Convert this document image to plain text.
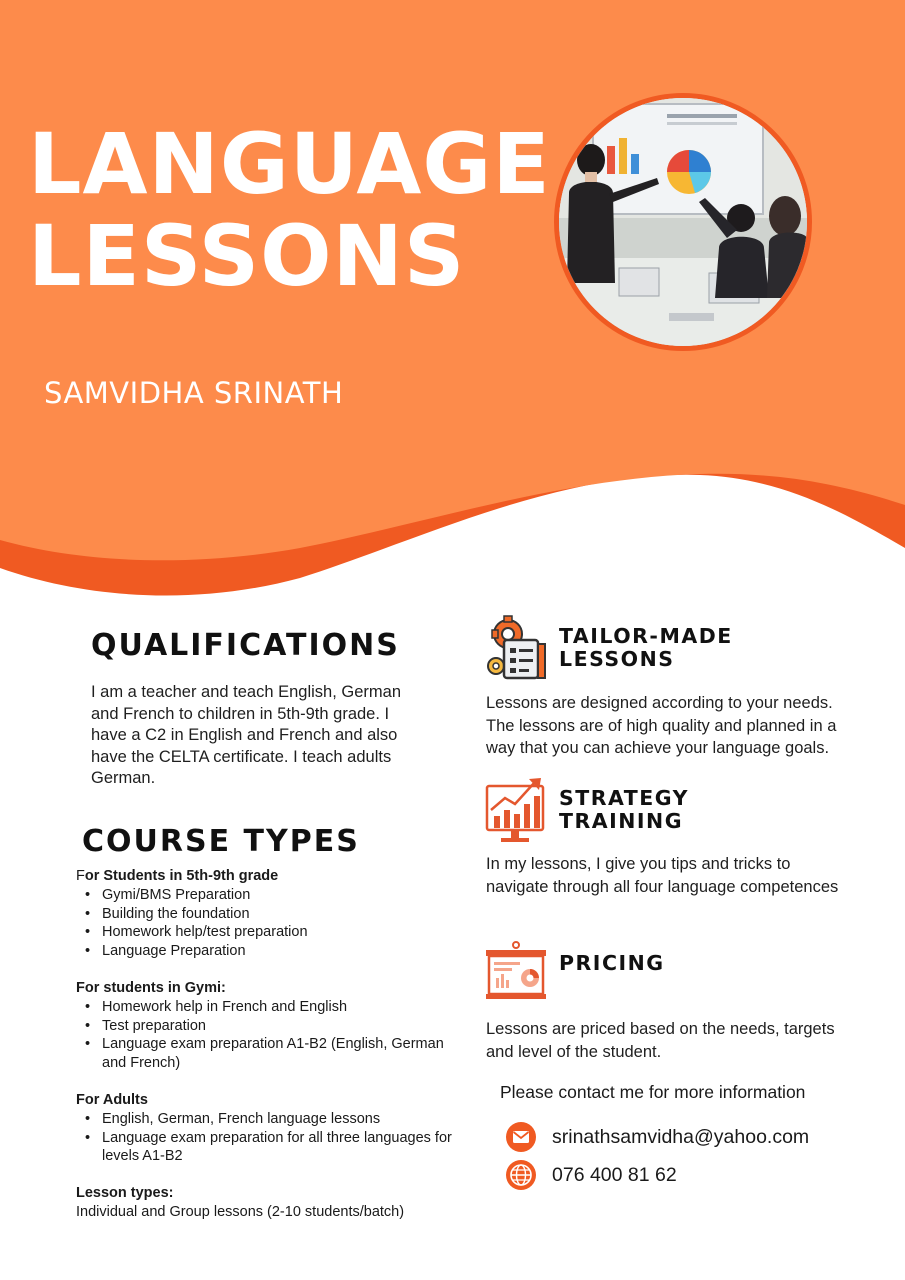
LANGUAGE
LESSONS
SAMVIDHA SRINATH
QUALIFICATIONS
I am a teacher and teach English, German and French to children in 5th-9th grade. I have a C2 in English and French and also have the CELTA certificate. I teach adults German.
COURSE TYPES
For Students in 5th-9th grade
• Gymi/BMS Preparation
• Building the foundation
• Homework help/test preparation
• Language Preparation
For students in Gymi:
• Homework help in French and English
• Test preparation
• Language exam preparation A1-B2 (English, German and French)
For Adults
• English, German, French language lessons
• Language exam preparation for all three languages for levels A1-B2
Lesson types:
Individual and Group lessons (2-10 students/batch)
TAILOR-MADE
LESSONS
Lessons are designed according to your needs. The lessons are of high quality and planned in a way that you can achieve your language goals.
STRATEGY
TRAINING
In my lessons, I give you tips and tricks to navigate through all four language competences
PRICING
Lessons are priced based on the needs, targets and level of the student.
Please contact me for more information
srinathsamvidha@yahoo.com
076 400 81 62
